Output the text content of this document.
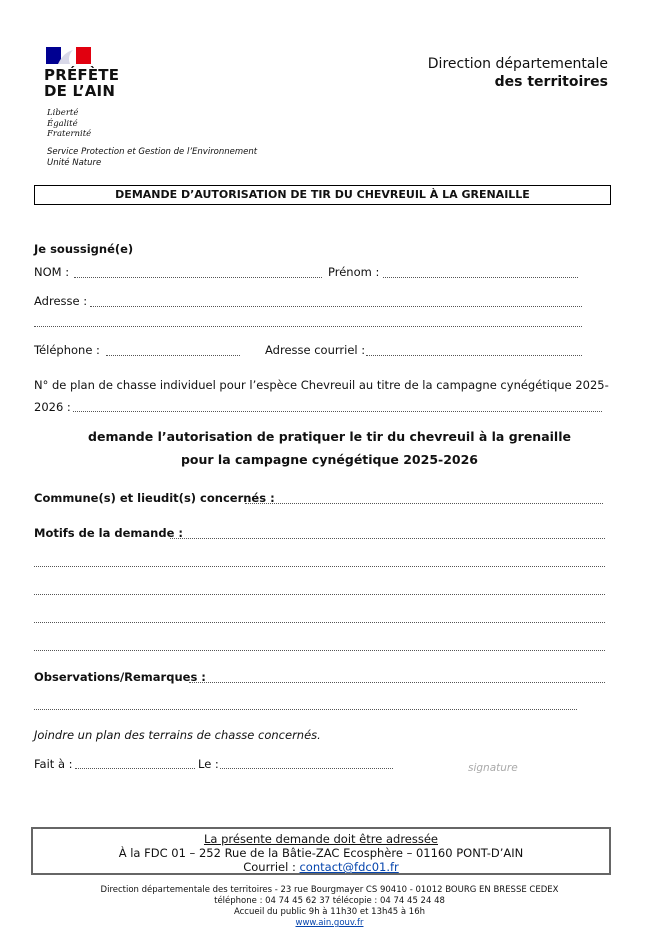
PRÉFÈTE
DE L’AIN
Liberté
Égalité
Fraternité
Service Protection et Gestion de l’Environnement
Unité Nature
Direction départementale
des territoires
DEMANDE D’AUTORISATION DE TIR DU CHEVREUIL À LA GRENAILLE
Je soussigné(e)
NOM :	Prénom :
Adresse :
Téléphone :	Adresse courriel :
N° de plan de chasse individuel pour l’espèce Chevreuil au titre de la campagne cynégétique 2025-
2026 :
demande l’autorisation de pratiquer le tir du chevreuil à la grenaille
pour la campagne cynégétique 2025-2026
Commune(s) et lieudit(s) concernés :
Motifs de la demande :
Observations/Remarques :
Joindre un plan des terrains de chasse concernés.
Fait à :	Le :	signature
La présente demande doit être adressée
À la FDC 01 – 252 Rue de la Bâtie-ZAC Ecosphère – 01160 PONT-D’AIN
Courriel : contact@fdc01.fr
Direction départementale des territoires - 23 rue Bourgmayer CS 90410 - 01012 BOURG EN BRESSE CEDEX
téléphone : 04 74 45 62 37 télécopie : 04 74 45 24 48
Accueil du public 9h à 11h30 et 13h45 à 16h
www.ain.gouv.fr
